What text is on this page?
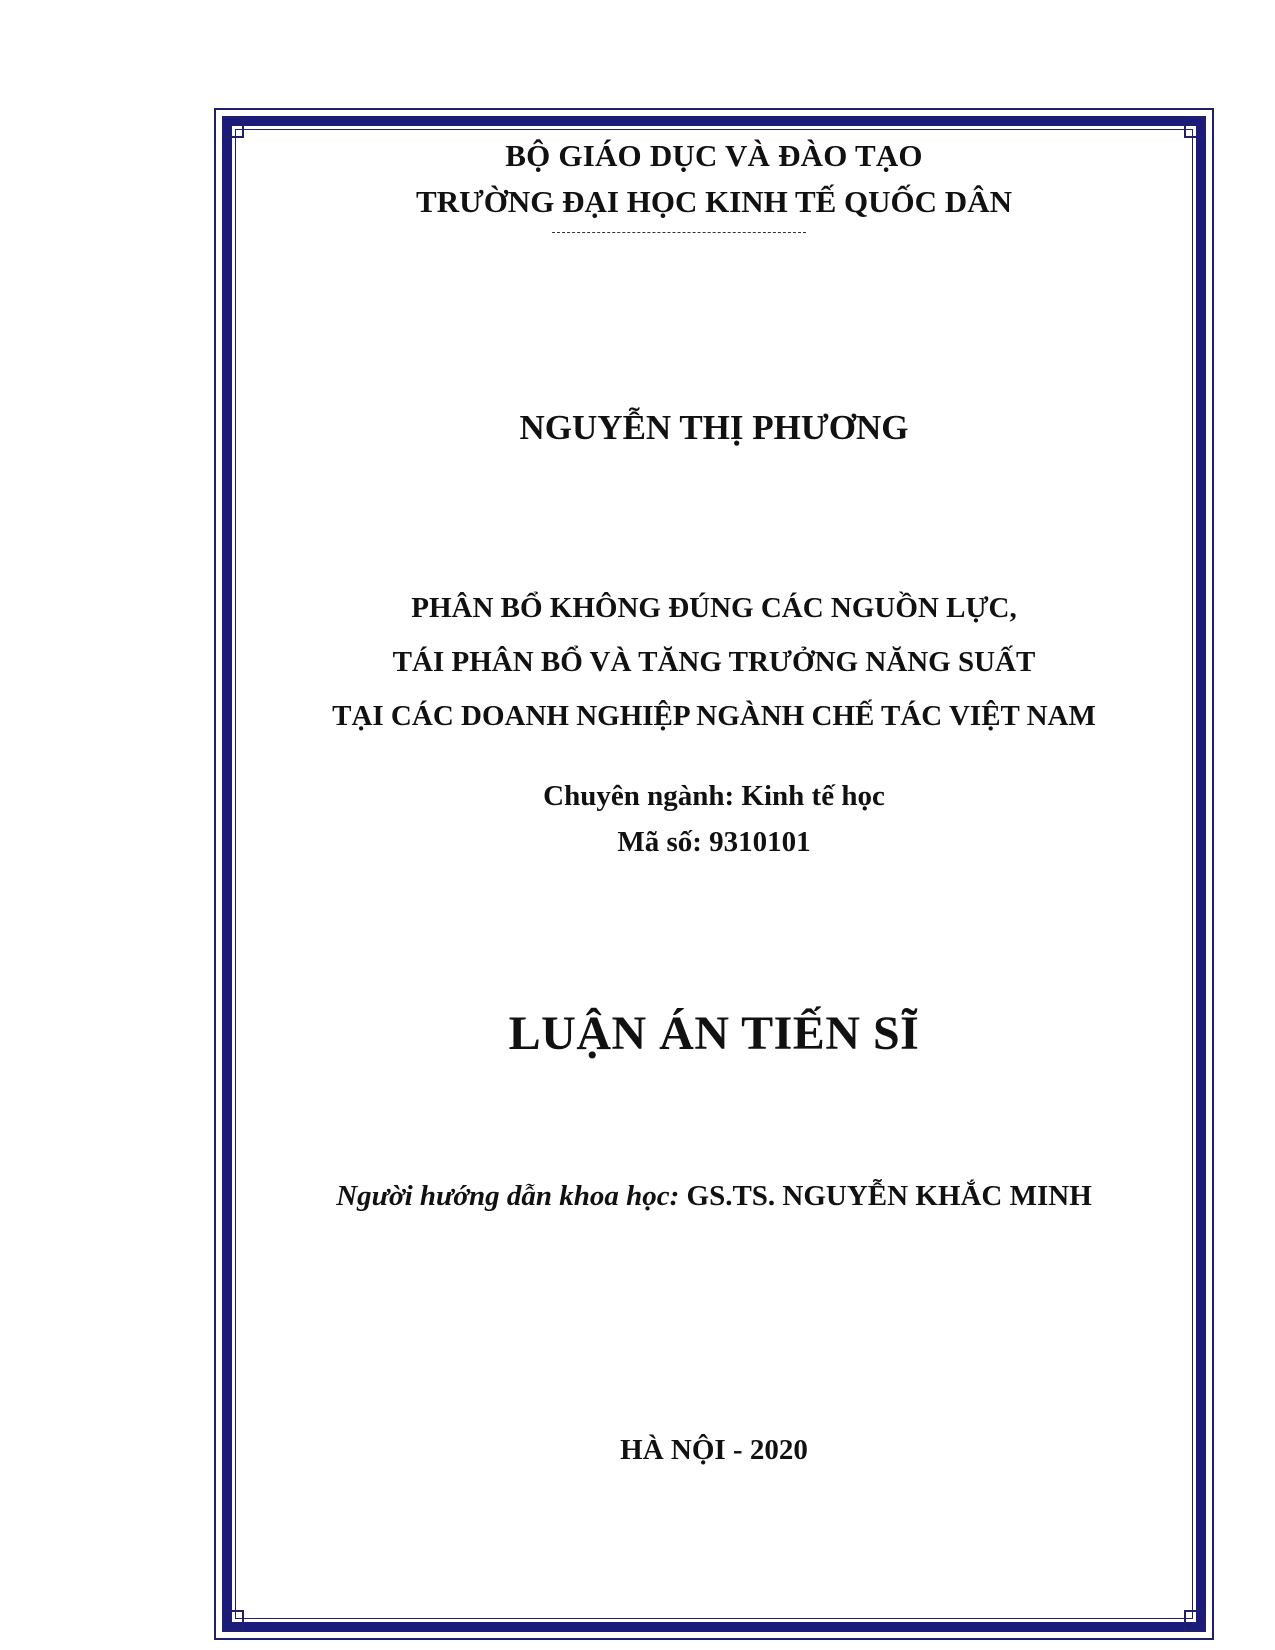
BỘ GIÁO DỤC VÀ ĐÀO TẠO
TRƯỜNG ĐẠI HỌC KINH TẾ QUỐC DÂN
NGUYỄN THỊ PHƯƠNG
PHÂN BỔ KHÔNG ĐÚNG CÁC NGUỒN LỰC,
TÁI PHÂN BỔ VÀ TĂNG TRƯỞNG NĂNG SUẤT
TẠI CÁC DOANH NGHIỆP NGÀNH CHẾ TÁC VIỆT NAM
Chuyên ngành: Kinh tế học
Mã số: 9310101
LUẬN ÁN TIẾN SĨ
Người hướng dẫn khoa học: GS.TS. NGUYỄN KHẮC MINH
HÀ NỘI - 2020
